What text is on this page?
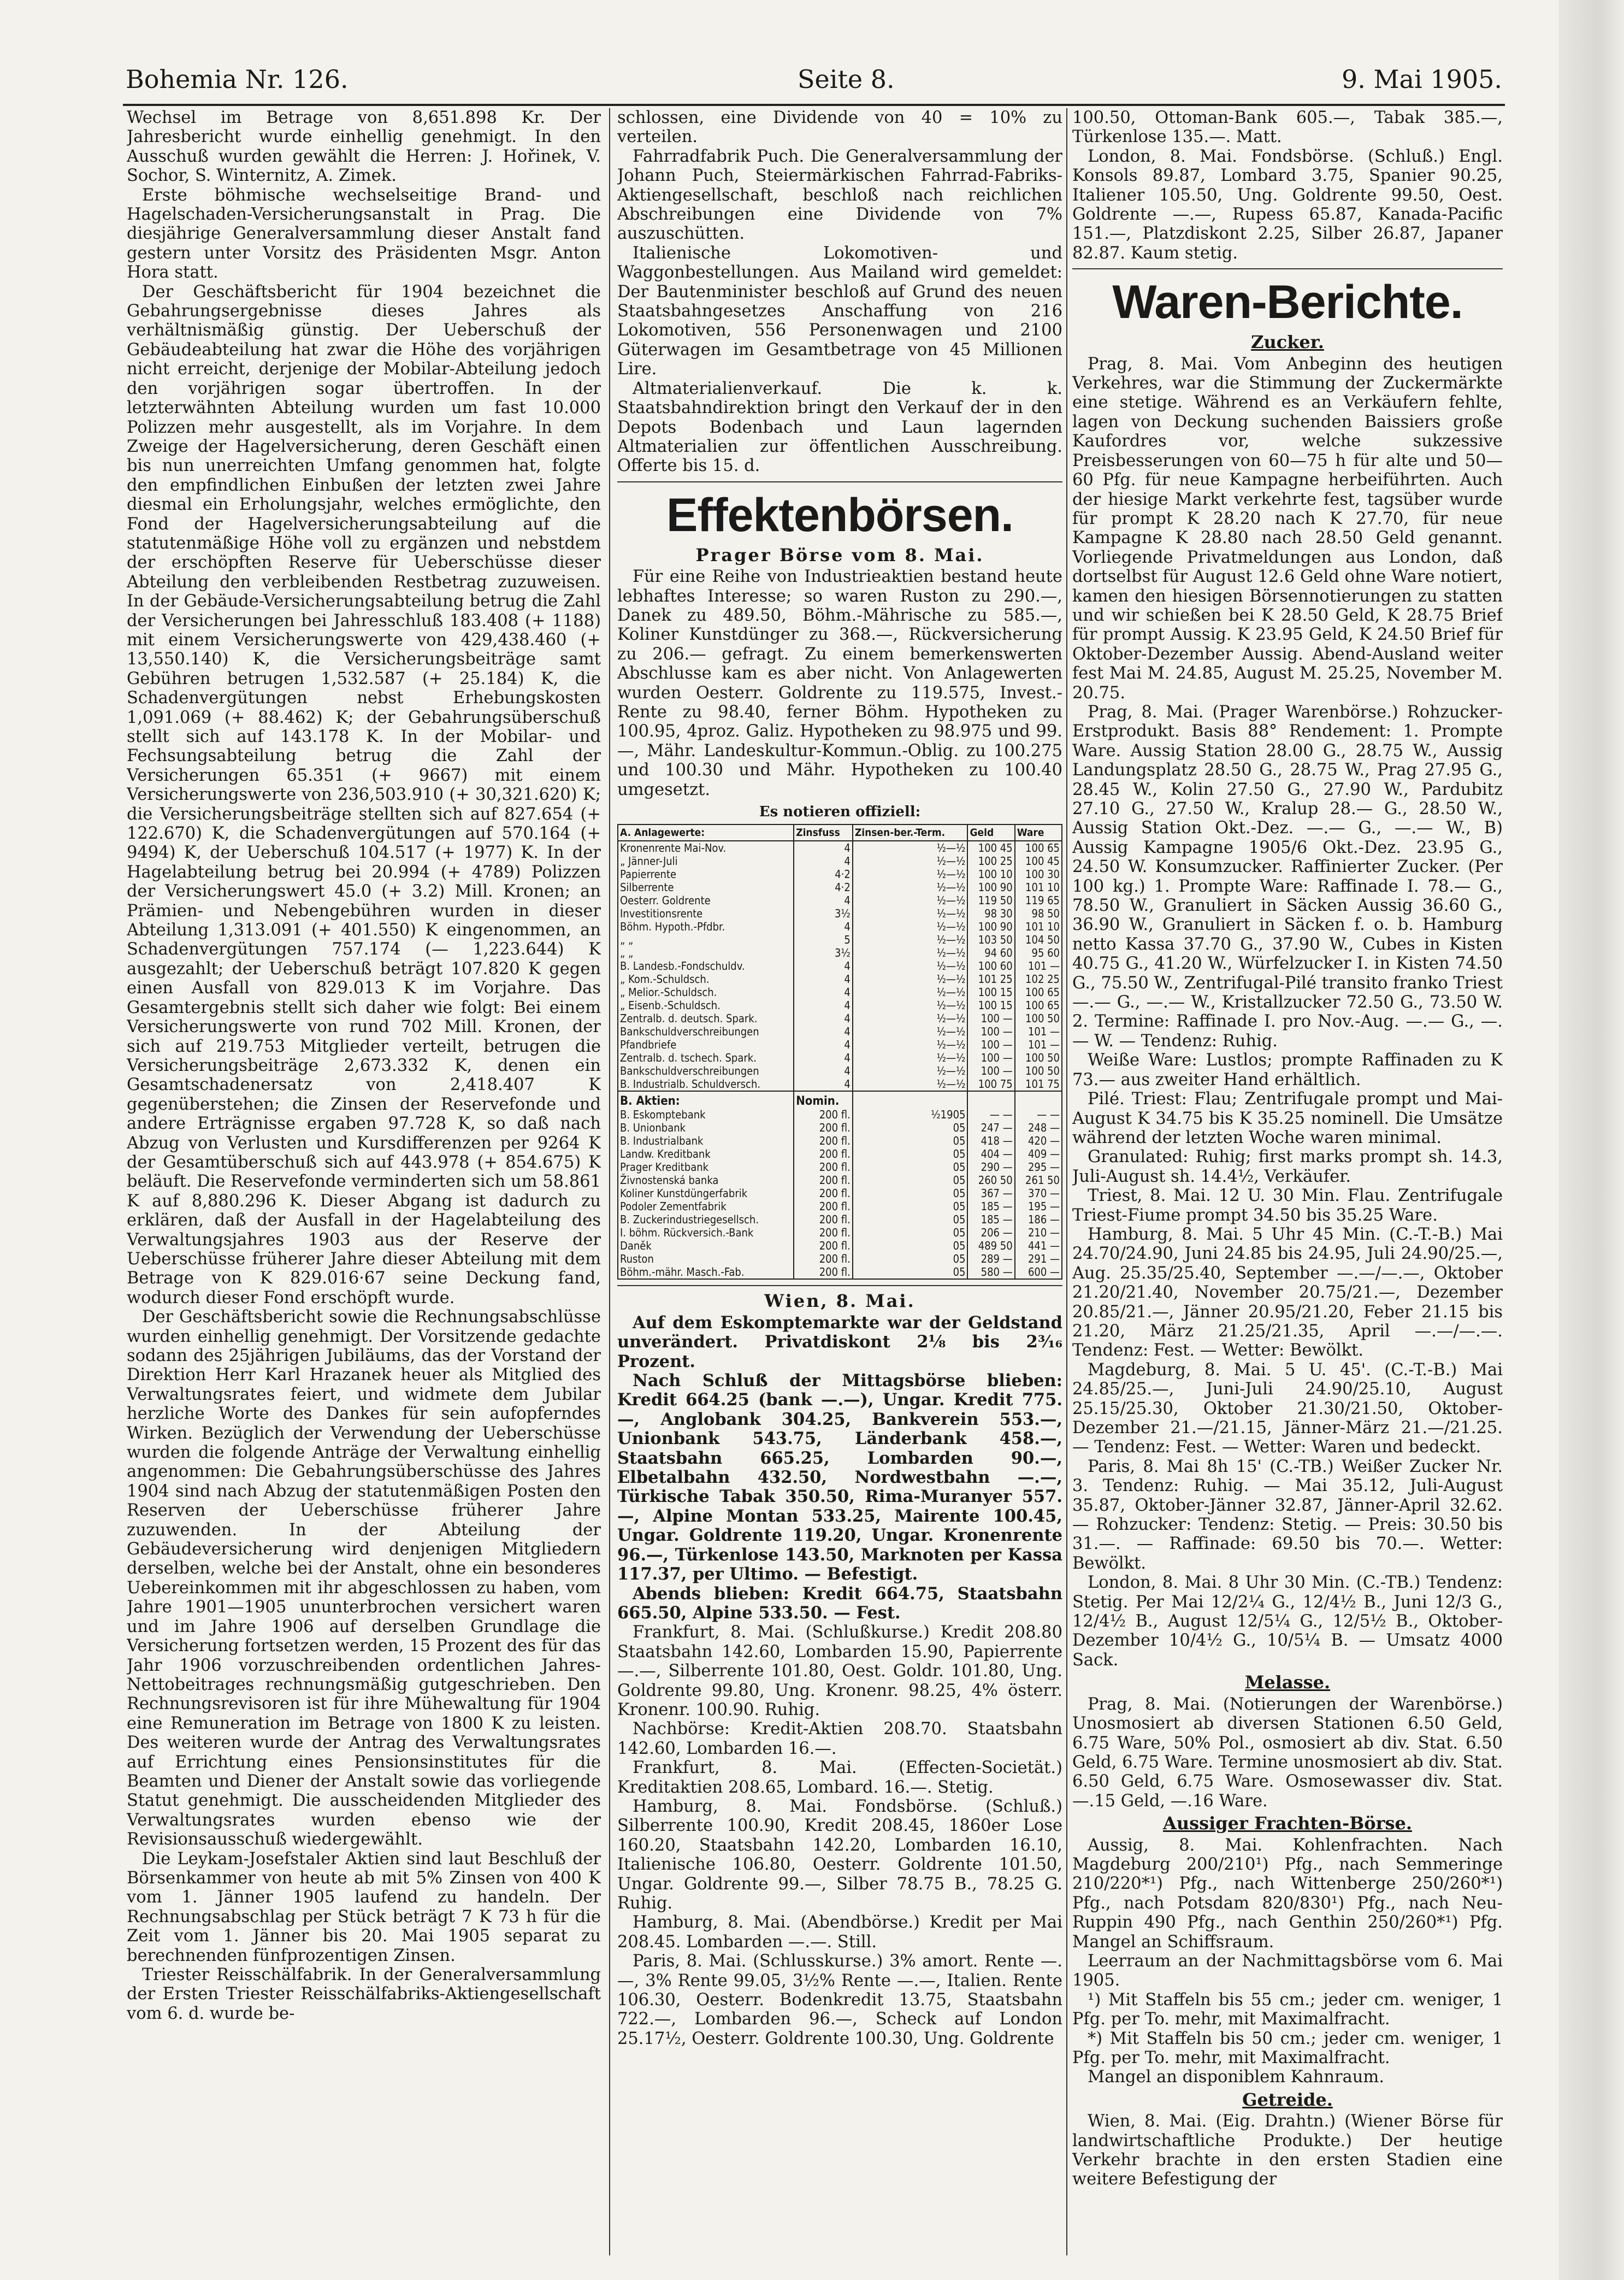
Bohemia Nr. 126.	Seite 8.	9. Mai 1905.

Wechsel im Betrage von 8,651.898 Kr. Der Jahresbericht wurde einhellig genehmigt. In den Ausschuß wurden gewählt die Herren: J. Hořinek, V. Sochor, S. Winternitz, A. Zimek.

Erste böhmische wechselseitige Brand- und Hagelschaden-Versicherungsanstalt in Prag. Die diesjährige Generalversammlung dieser Anstalt fand gestern unter Vorsitz des Präsidenten Msgr. Anton Hora statt.

Der Geschäftsbericht für 1904 bezeichnet die Gebahrungsergebnisse dieses Jahres als verhältnismäßig günstig. Der Ueberschuß der Gebäudeabteilung hat zwar die Höhe des vorjährigen nicht erreicht, derjenige der Mobilar-Abteilung jedoch den vorjährigen sogar übertroffen. In der letzterwähnten Abteilung wurden um fast 10.000 Polizzen mehr ausgestellt, als im Vorjahre. In dem Zweige der Hagelversicherung, deren Geschäft einen bis nun unerreichten Umfang genommen hat, folgte den empfindlichen Einbußen der letzten zwei Jahre diesmal ein Erholungsjahr, welches ermöglichte, den Fond der Hagelversicherungsabteilung auf die statutenmäßige Höhe voll zu ergänzen und nebstdem der erschöpften Reserve für Ueberschüsse dieser Abteilung den verbleibenden Restbetrag zuzuweisen. In der Gebäude-Versicherungsabteilung betrug die Zahl der Versicherungen bei Jahresschluß 183.408 (+ 1188) mit einem Versicherungswerte von 429,438.460 (+ 13,550.140) K, die Versicherungsbeiträge samt Gebühren betrugen 1,532.587 (+ 25.184) K, die Schadenvergütungen nebst Erhebungskosten 1,091.069 (+ 88.462) K; der Gebahrungsüberschuß stellt sich auf 143.178 K. In der Mobilar- und Fechsungsabteilung betrug die Zahl der Versicherungen 65.351 (+ 9667) mit einem Versicherungswerte von 236,503.910 (+ 30,321.620) K; die Versicherungsbeiträge stellten sich auf 827.654 (+ 122.670) K, die Schadenvergütungen auf 570.164 (+ 9494) K, der Ueberschuß 104.517 (+ 1977) K. In der Hagelabteilung betrug bei 20.994 (+ 4789) Polizzen der Versicherungswert 45.0 (+ 3.2) Mill. Kronen; an Prämien- und Nebengebühren wurden in dieser Abteilung 1,313.091 (+ 401.550) K eingenommen, an Schadenvergütungen 757.174 (— 1,223.644) K ausgezahlt; der Ueberschuß beträgt 107.820 K gegen einen Ausfall von 829.013 K im Vorjahre. Das Gesamtergebnis stellt sich daher wie folgt: Bei einem Versicherungswerte von rund 702 Mill. Kronen, der sich auf 219.753 Mitglieder verteilt, betrugen die Versicherungsbeiträge 2,673.332 K, denen ein Gesamtschadenersatz von 2,418.407 K gegenüberstehen; die Zinsen der Reservefonde und andere Erträgnisse ergaben 97.728 K, so daß nach Abzug von Verlusten und Kursdifferenzen per 9264 K der Gesamtüberschuß sich auf 443.978 (+ 854.675) K beläuft. Die Reservefonde verminderten sich um 58.861 K auf 8,880.296 K. Dieser Abgang ist dadurch zu erklären, daß der Ausfall in der Hagelabteilung des Verwaltungsjahres 1903 aus der Reserve der Ueberschüsse früherer Jahre dieser Abteilung mit dem Betrage von K 829.016·67 seine Deckung fand, wodurch dieser Fond erschöpft wurde.

Der Geschäftsbericht sowie die Rechnungsabschlüsse wurden einhellig genehmigt. Der Vorsitzende gedachte sodann des 25jährigen Jubiläums, das der Vorstand der Direktion Herr Karl Hrazanek heuer als Mitglied des Verwaltungsrates feiert, und widmete dem Jubilar herzliche Worte des Dankes für sein aufopferndes Wirken. Bezüglich der Verwendung der Ueberschüsse wurden die folgende Anträge der Verwaltung einhellig angenommen: Die Gebahrungsüberschüsse des Jahres 1904 sind nach Abzug der statutenmäßigen Posten den Reserven der Ueberschüsse früherer Jahre zuzuwenden. In der Abteilung der Gebäudeversicherung wird denjenigen Mitgliedern derselben, welche bei der Anstalt, ohne ein besonderes Uebereinkommen mit ihr abgeschlossen zu haben, vom Jahre 1901—1905 ununterbrochen versichert waren und im Jahre 1906 auf derselben Grundlage die Versicherung fortsetzen werden, 15 Prozent des für das Jahr 1906 vorzuschreibenden ordentlichen Jahres-Nettobeitrages rechnungsmäßig gutgeschrieben. Den Rechnungsrevisoren ist für ihre Mühewaltung für 1904 eine Remuneration im Betrage von 1800 K zu leisten. Des weiteren wurde der Antrag des Verwaltungsrates auf Errichtung eines Pensionsinstitutes für die Beamten und Diener der Anstalt sowie das vorliegende Statut genehmigt. Die ausscheidenden Mitglieder des Verwaltungsrates wurden ebenso wie der Revisionsausschuß wiedergewählt.

Die Leykam-Josefstaler Aktien sind laut Beschluß der Börsenkammer von heute ab mit 5% Zinsen von 400 K vom 1. Jänner 1905 laufend zu handeln. Der Rechnungsabschlag per Stück beträgt 7 K 73 h für die Zeit vom 1. Jänner bis 20. Mai 1905 separat zu berechnenden fünfprozentigen Zinsen.

Triester Reisschälfabrik. In der Generalversammlung der Ersten Triester Reisschälfabriks-Aktiengesellschaft vom 6. d. wurde be-

schlossen, eine Dividende von 40 = 10% zu verteilen.

Fahrradfabrik Puch. Die Generalversammlung der Johann Puch, Steiermärkischen Fahrrad-Fabriks-Aktiengesellschaft, beschloß nach reichlichen Abschreibungen eine Dividende von 7% auszuschütten.

Italienische Lokomotiven- und Waggonbestellungen. Aus Mailand wird gemeldet: Der Bautenminister beschloß auf Grund des neuen Staatsbahngesetzes Anschaffung von 216 Lokomotiven, 556 Personenwagen und 2100 Güterwagen im Gesamtbetrage von 45 Millionen Lire.

Altmaterialienverkauf. Die k. k. Staatsbahndirektion bringt den Verkauf der in den Depots Bodenbach und Laun lagernden Altmaterialien zur öffentlichen Ausschreibung. Offerte bis 15. d.

Effektenbörsen.
Prager Börse vom 8. Mai.

Für eine Reihe von Industrieaktien bestand heute lebhaftes Interesse; so waren Ruston zu 290.—, Danek zu 489.50, Böhm.-Mährische zu 585.—, Koliner Kunstdünger zu 368.—, Rückversicherung zu 206.— gefragt. Zu einem bemerkenswerten Abschlusse kam es aber nicht. Von Anlagewerten wurden Oesterr. Goldrente zu 119.575, Invest.-Rente zu 98.40, ferner Böhm. Hypotheken zu 100.95, 4proz. Galiz. Hypotheken zu 98.975 und 99.—, Mähr. Landeskultur-Kommun.-Oblig. zu 100.275 und 100.30 und Mähr. Hypotheken zu 100.40 umgesetzt.

Es notieren offiziell:
A. Anlagewerte:	Zinsfuss	Zinsen-ber.-Term.	Geld	Ware
Kronenrente Mai-Nov.	4	½—½	100 45	100 65
„ Jänner-Juli	4	½—½	100 25	100 45
Papierrente	4·2	½—½	100 10	100 30
Silberrente	4·2	½—½	100 90	101 10
Oesterr. Goldrente	4	½—½	119 50	119 65
Investitionsrente	3½	½—½	98 30	98 50
Böhm. Hypoth.-Pfdbr.	4	½—½	100 90	101 10
„ „	5	½—½	103 50	104 50
„ „	3½	½—½	94 60	95 60
B. Landesb.-Fondschuldv.	4	½—½	100 60	101 —
„ Kom.-Schuldsch.	4	½—½	101 25	102 25
„ Melior.-Schuldsch.	4	½—½	100 15	100 65
„ Eisenb.-Schuldsch.	4	½—½	100 15	100 65
Zentralb. d. deutsch. Spark.	4	½—½	100 —	100 50
Bankschuldverschreibungen	4	½—½	100 —	101 —
Pfandbriefe	4	½—½	100 —	101 —
Zentralb. d. tschech. Spark.	4	½—½	100 —	100 50
Bankschuldverschreibungen	4	½—½	100 —	100 50
B. Industrialb. Schuldversch.	4	½—½	100 75	101 75
B. Aktien:	Nomin.			
B. Eskomptebank	200 fl.	½1905	— —	— —
B. Unionbank	200 fl.	05	247 —	248 —
B. Industrialbank	200 fl.	05	418 —	420 —
Landw. Kreditbank	200 fl.	05	404 —	409 —
Prager Kreditbank	200 fl.	05	290 —	295 —
Živnostenská banka	200 fl.	05	260 50	261 50
Koliner Kunstdüngerfabrik	200 fl.	05	367 —	370 —
Podoler Zementfabrik	200 fl.	05	185 —	195 —
B. Zuckerindustriegesellsch.	200 fl.	05	185 —	186 —
I. böhm. Rückversich.-Bank	200 fl.	05	206 —	210 —
Daněk	200 fl.	05	489 50	441 —
Ruston	200 fl.	05	289 —	291 —
Böhm.-mähr. Masch.-Fab.	200 fl.	05	580 —	600 —
Wien, 8. Mai.

Auf dem Eskomptemarkte war der Geldstand unverändert. Privatdiskont 2⅛ bis 2³⁄₁₆ Prozent.

Nach Schluß der Mittagsbörse blieben: Kredit 664.25 (bank —.—), Ungar. Kredit 775.—, Anglobank 304.25, Bankverein 553.—, Unionbank 543.75, Länderbank 458.—, Staatsbahn 665.25, Lombarden 90.—, Elbetalbahn 432.50, Nordwestbahn —.—, Türkische Tabak 350.50, Rima-Muranyer 557.—, Alpine Montan 533.25, Mairente 100.45, Ungar. Goldrente 119.20, Ungar. Kronenrente 96.—, Türkenlose 143.50, Marknoten per Kassa 117.37, per Ultimo. — Befestigt.

Abends blieben: Kredit 664.75, Staatsbahn 665.50, Alpine 533.50. — Fest.

Frankfurt, 8. Mai. (Schlußkurse.) Kredit 208.80 Staatsbahn 142.60, Lombarden 15.90, Papierrente —.—, Silberrente 101.80, Oest. Goldr. 101.80, Ung. Goldrente 99.80, Ung. Kronenr. 98.25, 4% österr. Kronenr. 100.90. Ruhig.

Nachbörse: Kredit-Aktien 208.70. Staatsbahn 142.60, Lombarden 16.—.

Frankfurt, 8. Mai. (Effecten-Societät.) Kreditaktien 208.65, Lombard. 16.—. Stetig.

Hamburg, 8. Mai. Fondsbörse. (Schluß.) Silberrente 100.90, Kredit 208.45, 1860er Lose 160.20, Staatsbahn 142.20, Lombarden 16.10, Italienische 106.80, Oesterr. Goldrente 101.50, Ungar. Goldrente 99.—, Silber 78.75 B., 78.25 G. Ruhig.

Hamburg, 8. Mai. (Abendbörse.) Kredit per Mai 208.45. Lombarden —.—. Still.

Paris, 8. Mai. (Schlusskurse.) 3% amort. Rente —.—, 3% Rente 99.05, 3½% Rente —.—, Italien. Rente 106.30, Oesterr. Bodenkredit 13.75, Staatsbahn 722.—, Lombarden 96.—, Scheck auf London 25.17½, Oesterr. Goldrente 100.30, Ung. Goldrente

100.50, Ottoman-Bank 605.—, Tabak 385.—, Türkenlose 135.—. Matt.

London, 8. Mai. Fondsbörse. (Schluß.) Engl. Konsols 89.87, Lombard 3.75, Spanier 90.25, Italiener 105.50, Ung. Goldrente 99.50, Oest. Goldrente —.—, Rupess 65.87, Kanada-Pacific 151.—, Platzdiskont 2.25, Silber 26.87, Japaner 82.87. Kaum stetig.

Waren-Berichte.
Zucker.

Prag, 8. Mai. Vom Anbeginn des heutigen Verkehres, war die Stimmung der Zuckermärkte eine stetige. Während es an Verkäufern fehlte, lagen von Deckung suchenden Baissiers große Kaufordres vor, welche sukzessive Preisbesserungen von 60—75 h für alte und 50—60 Pfg. für neue Kampagne herbeiführten. Auch der hiesige Markt verkehrte fest, tagsüber wurde für prompt K 28.20 nach K 27.70, für neue Kampagne K 28.80 nach 28.50 Geld genannt. Vorliegende Privatmeldungen aus London, daß dortselbst für August 12.6 Geld ohne Ware notiert, kamen den hiesigen Börsennotierungen zu statten und wir schießen bei K 28.50 Geld, K 28.75 Brief für prompt Aussig. K 23.95 Geld, K 24.50 Brief für Oktober-Dezember Aussig. Abend-Ausland weiter fest Mai M. 24.85, August M. 25.25, November M. 20.75.

Prag, 8. Mai. (Prager Warenbörse.) Rohzucker-Erstprodukt. Basis 88° Rendement: 1. Prompte Ware. Aussig Station 28.00 G., 28.75 W., Aussig Landungsplatz 28.50 G., 28.75 W., Prag 27.95 G., 28.45 W., Kolin 27.50 G., 27.90 W., Pardubitz 27.10 G., 27.50 W., Kralup 28.— G., 28.50 W., Aussig Station Okt.-Dez. —.— G., —.— W., B) Aussig Kampagne 1905/6 Okt.-Dez. 23.95 G., 24.50 W. Konsumzucker. Raffinierter Zucker. (Per 100 kg.) 1. Prompte Ware: Raffinade I. 78.— G., 78.50 W., Granuliert in Säcken Aussig 36.60 G., 36.90 W., Granuliert in Säcken f. o. b. Hamburg netto Kassa 37.70 G., 37.90 W., Cubes in Kisten 40.75 G., 41.20 W., Würfelzucker I. in Kisten 74.50 G., 75.50 W., Zentrifugal-Pilé transito franko Triest —.— G., —.— W., Kristallzucker 72.50 G., 73.50 W. 2. Termine: Raffinade I. pro Nov.-Aug. —.— G., —.— W. — Tendenz: Ruhig.

Weiße Ware: Lustlos; prompte Raffinaden zu K 73.— aus zweiter Hand erhältlich.

Pilé. Triest: Flau; Zentrifugale prompt und Mai-August K 34.75 bis K 35.25 nominell. Die Umsätze während der letzten Woche waren minimal.

Granulated: Ruhig; first marks prompt sh. 14.3, Juli-August sh. 14.4½, Verkäufer.

Triest, 8. Mai. 12 U. 30 Min. Flau. Zentrifugale Triest-Fiume prompt 34.50 bis 35.25 Ware.

Hamburg, 8. Mai. 5 Uhr 45 Min. (C.-T.-B.) Mai 24.70/24.90, Juni 24.85 bis 24.95, Juli 24.90/25.—, Aug. 25.35/25.40, September —.—/—.—, Oktober 21.20/21.40, November 20.75/21.—, Dezember 20.85/21.—, Jänner 20.95/21.20, Feber 21.15 bis 21.20, März 21.25/21.35, April —.—/—.—. Tendenz: Fest. — Wetter: Bewölkt.

Magdeburg, 8. Mai. 5 U. 45'. (C.-T.-B.) Mai 24.85/25.—, Juni-Juli 24.90/25.10, August 25.15/25.30, Oktober 21.30/21.50, Oktober-Dezember 21.—/21.15, Jänner-März 21.—/21.25. — Tendenz: Fest. — Wetter: Waren und bedeckt.

Paris, 8. Mai 8h 15' (C.-TB.) Weißer Zucker Nr. 3. Tendenz: Ruhig. — Mai 35.12, Juli-August 35.87, Oktober-Jänner 32.87, Jänner-April 32.62. — Rohzucker: Tendenz: Stetig. — Preis: 30.50 bis 31.—. — Raffinade: 69.50 bis 70.—. Wetter: Bewölkt.

London, 8. Mai. 8 Uhr 30 Min. (C.-TB.) Tendenz: Stetig. Per Mai 12/2¼ G., 12/4½ B., Juni 12/3 G., 12/4½ B., August 12/5¼ G., 12/5½ B., Oktober-Dezember 10/4½ G., 10/5¼ B. — Umsatz 4000 Sack.

Melasse.

Prag, 8. Mai. (Notierungen der Warenbörse.) Unosmosiert ab diversen Stationen 6.50 Geld, 6.75 Ware, 50% Pol., osmosiert ab div. Stat. 6.50 Geld, 6.75 Ware. Termine unosmosiert ab div. Stat. 6.50 Geld, 6.75 Ware. Osmosewasser div. Stat. —.15 Geld, —.16 Ware.

Aussiger Frachten-Börse.

Aussig, 8. Mai. Kohlenfrachten. Nach Magdeburg 200/210¹) Pfg., nach Semmeringe 210/220*¹) Pfg., nach Wittenberge 250/260*¹) Pfg., nach Potsdam 820/830¹) Pfg., nach Neu-Ruppin 490 Pfg., nach Genthin 250/260*¹) Pfg. Mangel an Schiffsraum.

Leerraum an der Nachmittagsbörse vom 6. Mai 1905.

¹) Mit Staffeln bis 55 cm.; jeder cm. weniger, 1 Pfg. per To. mehr, mit Maximalfracht.

*) Mit Staffeln bis 50 cm.; jeder cm. weniger, 1 Pfg. per To. mehr, mit Maximalfracht.

Mangel an disponiblem Kahnraum.

Getreide.

Wien, 8. Mai. (Eig. Drahtn.) (Wiener Börse für landwirtschaftliche Produkte.) Der heutige Verkehr brachte in den ersten Stadien eine weitere Befestigung der
